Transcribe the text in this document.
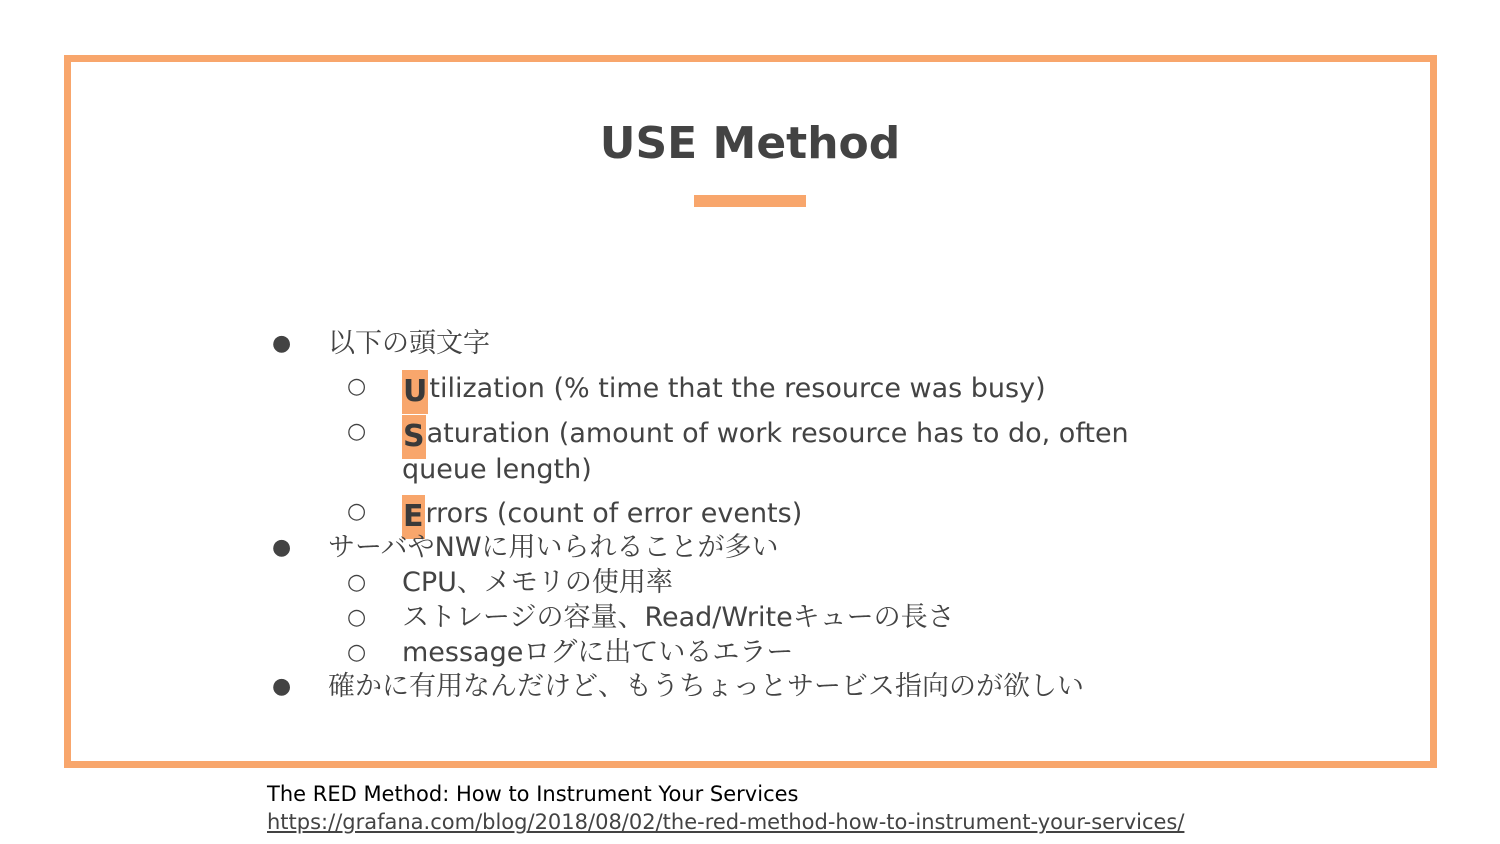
USE Method
● 以下の頭文字
○ Utilization (% time that the resource was busy)
○ Saturation (amount of work resource has to do, often
queue length)
○ Errors (count of error events)
● サーバやNWに用いられることが多い
○ CPU、メモリの使用率
○ ストレージの容量、Read/Writeキューの長さ
○ messageログに出ているエラー
● 確かに有用なんだけど、もうちょっとサービス指向のが欲しい
The RED Method: How to Instrument Your Services
https://grafana.com/blog/2018/08/02/the-red-method-how-to-instrument-your-services/
